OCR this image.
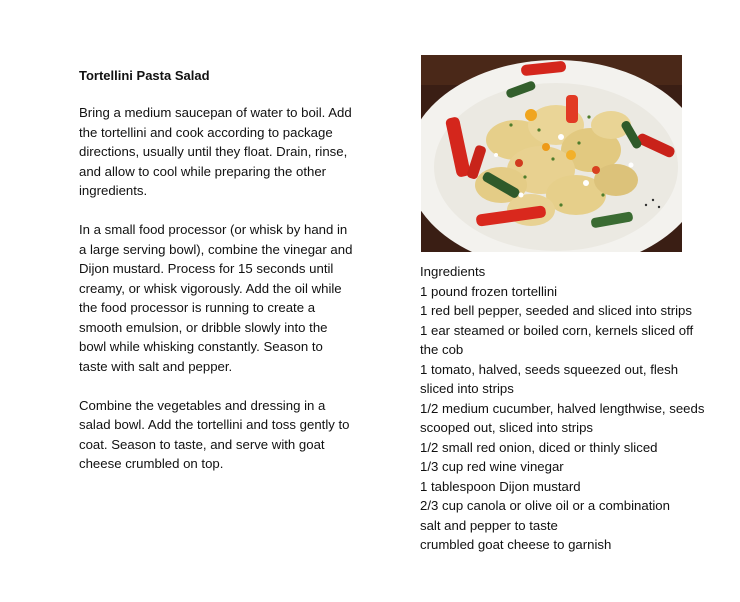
Tortellini Pasta Salad

Bring a medium saucepan of water to boil. Add the tortellini and cook according to package directions, usually until they float. Drain, rinse, and allow to cool while preparing the other ingredients.

In a small food processor (or whisk by hand in a large serving bowl), combine the vinegar and Dijon mustard. Process for 15 seconds until creamy, or whisk vigorously. Add the oil while the food processor is running to create a smooth emulsion, or dribble slowly into the bowl while whisking constantly. Season to taste with salt and pepper.

Combine the vegetables and dressing in a salad bowl. Add the tortellini and toss gently to coat. Season to taste, and serve with goat cheese crumbled on top.

Ingredients
1 pound frozen tortellini
1 red bell pepper, seeded and sliced into strips
1 ear steamed or boiled corn, kernels sliced off the cob
1 tomato, halved, seeds squeezed out, flesh sliced into strips
1/2 medium cucumber, halved lengthwise, seeds scooped out, sliced into strips
1/2 small red onion, diced or thinly sliced
1/3 cup red wine vinegar
1 tablespoon Dijon mustard
2/3 cup canola or olive oil or a combination
salt and pepper to taste
crumbled goat cheese to garnish
